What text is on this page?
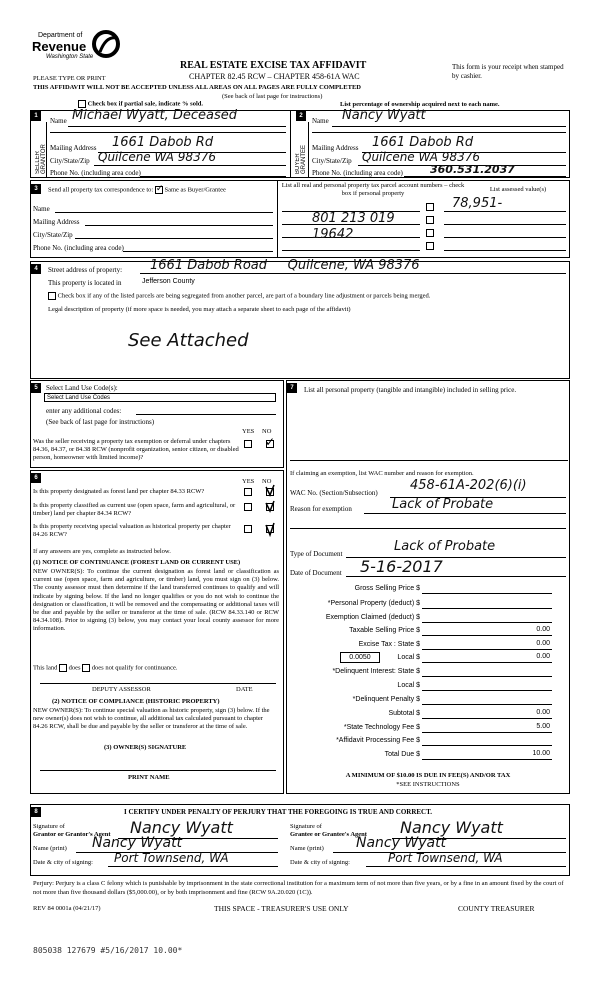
Department of
Revenue
Washington State
REAL ESTATE EXCISE TAX AFFIDAVIT
CHAPTER 82.45 RCW – CHAPTER 458-61A WAC
PLEASE TYPE OR PRINT
THIS AFFIDAVIT WILL NOT BE ACCEPTED UNLESS ALL AREAS ON ALL PAGES ARE FULLY COMPLETED
(See back of last page for instructions)
This form is your receipt when stamped by cashier.
Check box if partial sale, indicate % sold.	List percentage of ownership acquired next to each name.
1	2
SELLER GRANTOR	BUYER GRANTEE
Name Michael Wyatt, Deceased
Mailing Address 1661 Dabob Rd
City/State/Zip Quilcene WA 98376
Phone No. (including area code)
Name Nancy Wyatt
Mailing Address 1661 Dabob Rd
City/State/Zip Quilcene WA 98376
Phone No. (including area code) 360.531.2037
3	Send all property tax correspondence to: ✓ Same as Buyer/Grantee
Name
Mailing Address
City/State/Zip
Phone No. (including area code)
List all real and personal property tax parcel account numbers – check box if personal property
List assessed value(s)
801 213 019
19642
78,951-
4	Street address of property: 1661 Dabob Road     Quilcene, WA 98376
This property is located in	Jefferson County
Check box if any of the listed parcels are being segregated from another parcel, are part of a boundary line adjustment or parcels being merged.
Legal description of property (if more space is needed, you may attach a separate sheet to each page of the affidavit)
See Attached
5	Select Land Use Code(s):
Select Land Use Codes
enter any additional codes:
(See back of last page for instructions)
YES NO
Was the seller receiving a property tax exemption or deferral under chapters 84.36, 84.37, or 84.38 RCW (nonprofit organization, senior citizen, or disabled person, homeowner with limited income)?
✓
6	YES NO
Is this property designated as forest land per chapter 84.33 RCW?
Is this property classified as current use (open space, farm and agricultural, or timber) land per chapter 84.34 RCW?
Is this property receiving special valuation as historical property per chapter 84.26 RCW?
If any answers are yes, complete as instructed below.
(1) NOTICE OF CONTINUANCE (FOREST LAND OR CURRENT USE)
NEW OWNER(S): To continue the current designation as forest land or classification as current use (open space, farm and agriculture, or timber) land, you must sign on (3) below. The county assessor must then determine if the land transferred continues to qualify and will indicate by signing below. If the land no longer qualifies or you do not wish to continue the designation or classification, it will be removed and the compensating or additional taxes will be due and payable by the seller or transferor at the time of sale. (RCW 84.33.140 or RCW 84.34.108). Prior to signing (3) below, you may contact your local county assessor for more information.
This land does does not qualify for continuance.
DEPUTY ASSESSOR	DATE
(2) NOTICE OF COMPLIANCE (HISTORIC PROPERTY)
NEW OWNER(S): To continue special valuation as historic property, sign (3) below. If the new owner(s) does not wish to continue, all additional tax calculated pursuant to chapter 84.26 RCW, shall be due and payable by the seller or transferor at the time of sale.
(3) OWNER(S) SIGNATURE
PRINT NAME
7	List all personal property (tangible and intangible) included in selling price.
If claiming an exemption, list WAC number and reason for exemption.
WAC No. (Section/Subsection) 458-61A-202(6)(i)
Reason for exemption	Lack of Probate
Type of Document	Lack of Probate
Date of Document 5-16-2017
Gross Selling Price $
*Personal Property (deduct) $
Exemption Claimed (deduct) $
Taxable Selling Price $	0.00
Excise Tax : State $	0.00
0.0050	Local $	0.00
*Delinquent Interest: State $
Local $
*Delinquent Penalty $
Subtotal $	0.00
*State Technology Fee $	5.00
*Affidavit Processing Fee $
Total Due $	10.00
A MINIMUM OF $10.00 IS DUE IN FEE(S) AND/OR TAX
*SEE INSTRUCTIONS
8	I CERTIFY UNDER PENALTY OF PERJURY THAT THE FOREGOING IS TRUE AND CORRECT.
Signature of
Grantor or Grantor's Agent Nancy Wyatt
Name (print) Nancy Wyatt
Date & city of signing: Port Townsend, WA
Signature of
Grantee or Grantee's Agent Nancy Wyatt
Name (print) Nancy Wyatt
Date & city of signing:	Port Townsend, WA
Perjury: Perjury is a class C felony which is punishable by imprisonment in the state correctional institution for a maximum term of not more than five years, or by a fine in an amount fixed by the court of not more than five thousand dollars ($5,000.00), or by both imprisonment and fine (RCW 9A.20.020 (1C)).
REV 84 0001a (04/21/17)	THIS SPACE - TREASURER'S USE ONLY	COUNTY TREASURER
805038 127679 #5/16/2017 10.00*
